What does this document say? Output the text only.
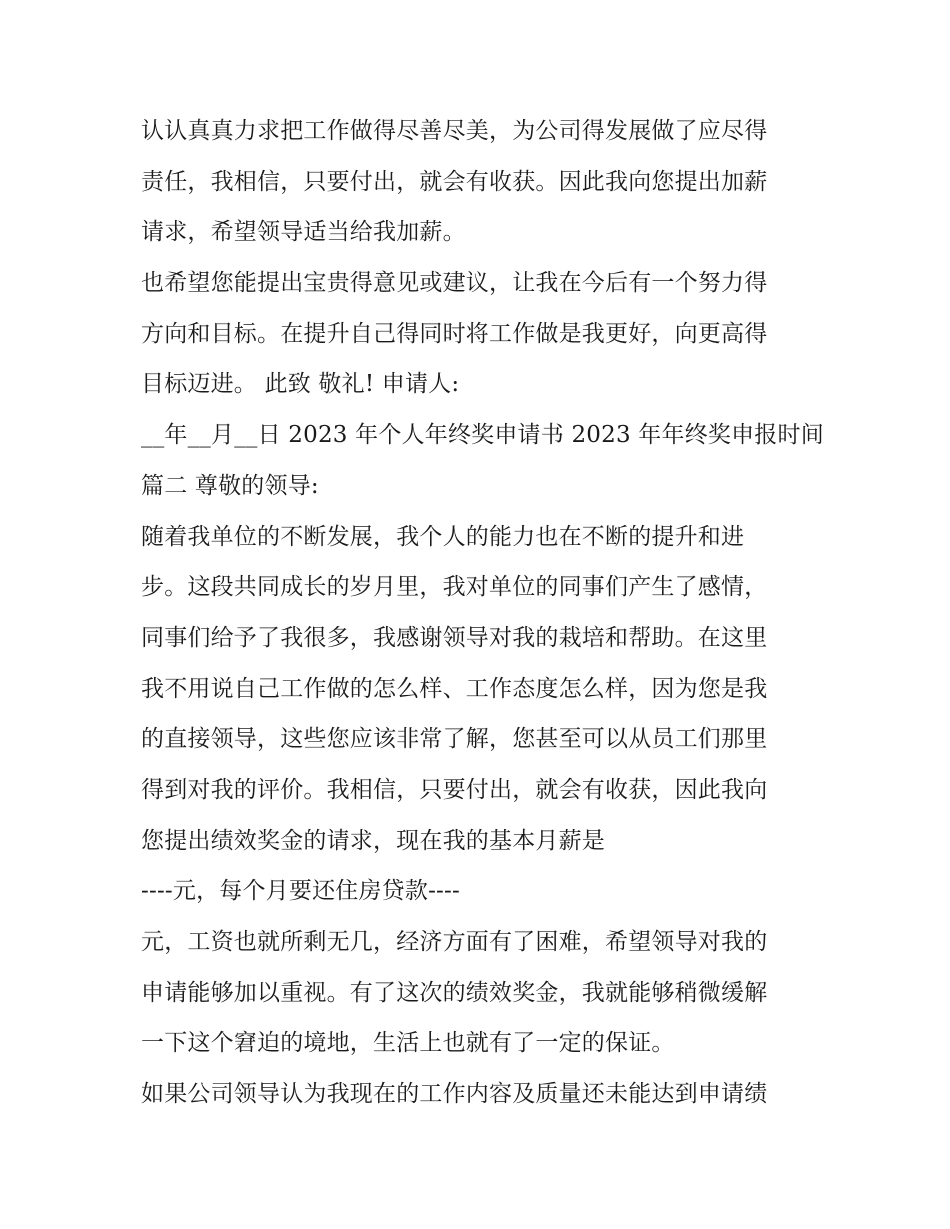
认认真真力求把工作做得尽善尽美，为公司得发展做了应尽得
责任，我相信，只要付出，就会有收获。因此我向您提出加薪
请求，希望领导适当给我加薪。
也希望您能提出宝贵得意见或建议，让我在今后有一个努力得
方向和目标。在提升自己得同时将工作做是我更好，向更高得
目标迈进。 此致 敬礼! 申请人:
__年__月__日 2023 年个人年终奖申请书 2023 年年终奖申报时间
篇二 尊敬的领导:
随着我单位的不断发展，我个人的能力也在不断的提升和进
步。这段共同成长的岁月里，我对单位的同事们产生了感情，
同事们给予了我很多，我感谢领导对我的栽培和帮助。在这里
我不用说自己工作做的怎么样、工作态度怎么样，因为您是我
的直接领导，这些您应该非常了解，您甚至可以从员工们那里
得到对我的评价。我相信，只要付出，就会有收获，因此我向
您提出绩效奖金的请求，现在我的基本月薪是
----元，每个月要还住房贷款----
元，工资也就所剩无几，经济方面有了困难，希望领导对我的
申请能够加以重视。有了这次的绩效奖金，我就能够稍微缓解
一下这个窘迫的境地，生活上也就有了一定的保证。
如果公司领导认为我现在的工作内容及质量还未能达到申请绩
